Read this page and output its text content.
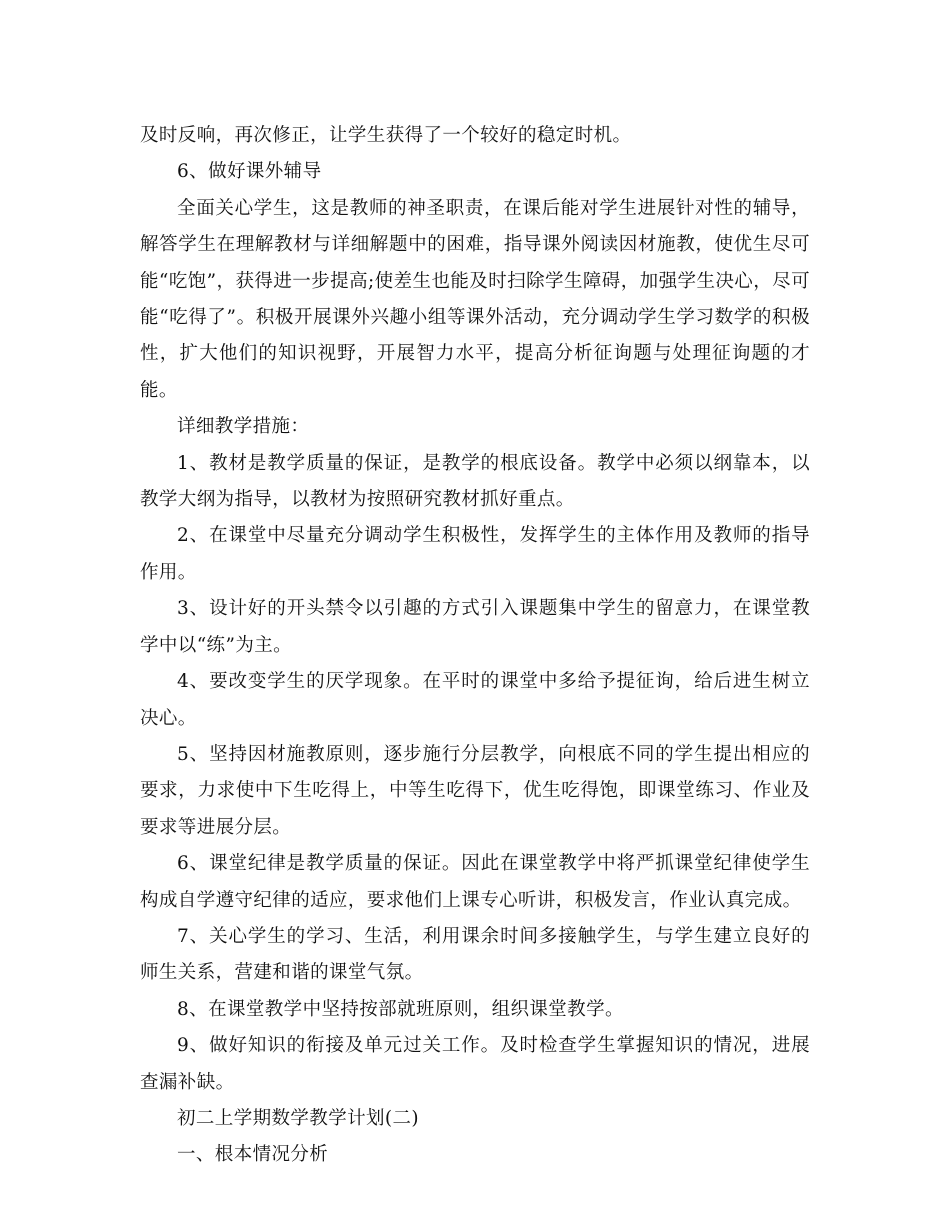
及时反响，再次修正，让学生获得了一个较好的稳定时机。

6、做好课外辅导

全面关心学生，这是教师的神圣职责，在课后能对学生进展针对性的辅导，解答学生在理解教材与详细解题中的困难，指导课外阅读因材施教，使优生尽可能“吃饱”，获得进一步提高;使差生也能及时扫除学生障碍，加强学生决心，尽可能“吃得了”。积极开展课外兴趣小组等课外活动，充分调动学生学习数学的积极性，扩大他们的知识视野，开展智力水平，提高分析征询题与处理征询题的才能。

详细教学措施：

1、教材是教学质量的保证，是教学的根底设备。教学中必须以纲靠本，以教学大纲为指导，以教材为按照研究教材抓好重点。

2、在课堂中尽量充分调动学生积极性，发挥学生的主体作用及教师的指导作用。

3、设计好的开头禁令以引趣的方式引入课题集中学生的留意力，在课堂教学中以“练”为主。

4、要改变学生的厌学现象。在平时的课堂中多给予提征询，给后进生树立决心。

5、坚持因材施教原则，逐步施行分层教学，向根底不同的学生提出相应的要求，力求使中下生吃得上，中等生吃得下，优生吃得饱，即课堂练习、作业及要求等进展分层。

6、课堂纪律是教学质量的保证。因此在课堂教学中将严抓课堂纪律使学生构成自学遵守纪律的适应，要求他们上课专心听讲，积极发言，作业认真完成。

7、关心学生的学习、生活，利用课余时间多接触学生，与学生建立良好的师生关系，营建和谐的课堂气氛。

8、在课堂教学中坚持按部就班原则，组织课堂教学。

9、做好知识的衔接及单元过关工作。及时检查学生掌握知识的情况，进展查漏补缺。

初二上学期数学教学计划(二)

一、根本情况分析
